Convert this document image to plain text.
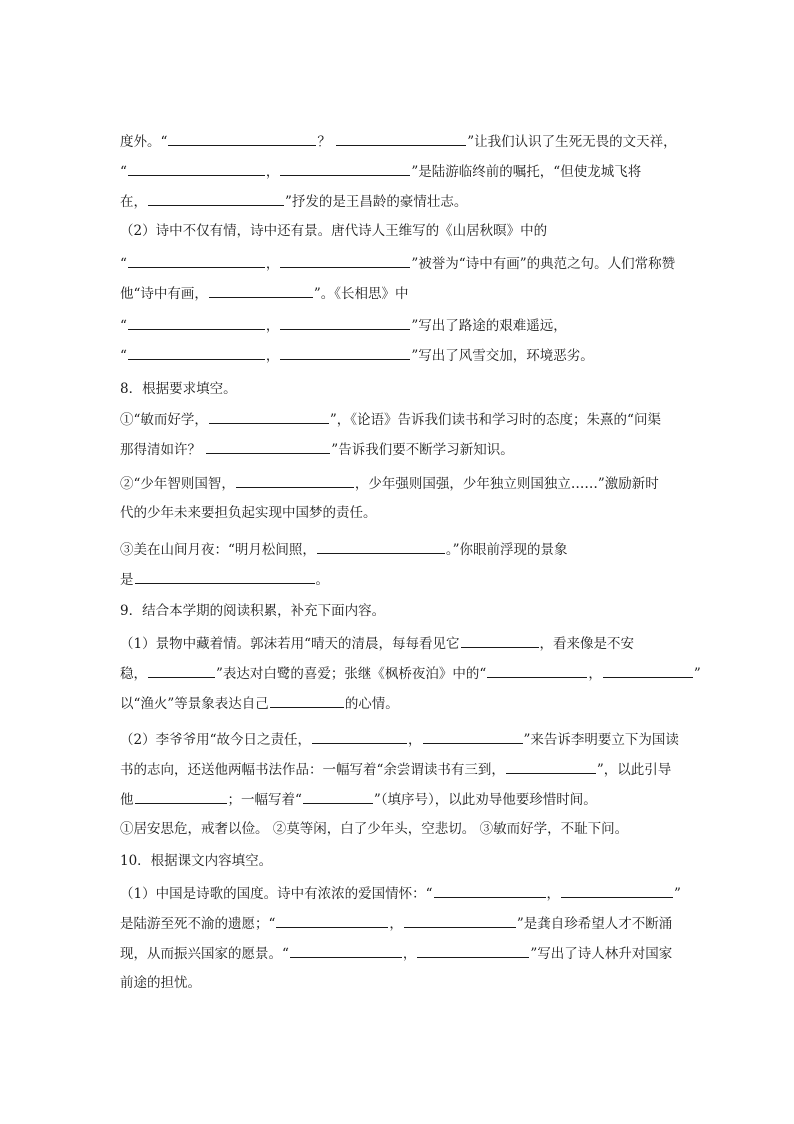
度外。“	？	”让我们认识了生死无畏的文天祥，
“	，	”是陆游临终前的嘱托，“但使龙城飞将
在，	”抒发的是王昌龄的豪情壮志。
（2）诗中不仅有情，诗中还有景。唐代诗人王维写的《山居秋暝》中的
“	，	”被誉为“诗中有画”的典范之句。人们常称赞
他“诗中有画，	”。《长相思》中
“	，	”写出了路途的艰难遥远，
“	，	”写出了风雪交加，环境恶劣。
8．根据要求填空。
①“敏而好学，	”，《论语》告诉我们读书和学习时的态度；朱熹的“问渠
那得清如许？	”告诉我们要不断学习新知识。
②“少年智则国智，	，少年强则国强，少年独立则国独立……”激励新时
代的少年未来要担负起实现中国梦的责任。
③美在山间月夜：“明月松间照，	。”你眼前浮现的景象
是	。
9．结合本学期的阅读积累，补充下面内容。
（1）景物中藏着情。郭沫若用“晴天的清晨，每每看见它	，看来像是不安
稳，	”表达对白鹭的喜爱；张继《枫桥夜泊》中的“	，	”
以“渔火”等景象表达自己	的心情。
（2）李爷爷用“故今日之责任，	，	”来告诉李明要立下为国读
书的志向，还送他两幅书法作品：一幅写着“余尝谓读书有三到，	”，以此引导
他	；一幅写着“	”（填序号），以此劝导他要珍惜时间。
①居安思危，戒奢以俭。 ②莫等闲，白了少年头，空悲切。 ③敏而好学，不耻下问。
10．根据课文内容填空。
（1）中国是诗歌的国度。诗中有浓浓的爱国情怀：“	，	”
是陆游至死不渝的遗愿；“	，	”是龚自珍希望人才不断涌
现，从而振兴国家的愿景。“	，	”写出了诗人林升对国家
前途的担忧。
